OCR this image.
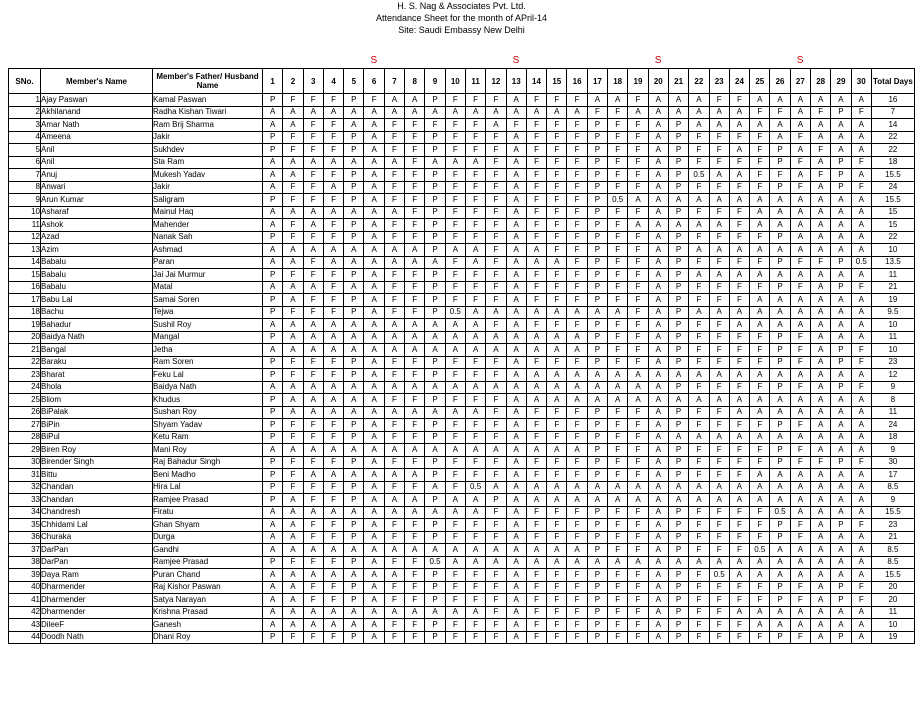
H. S. Nag & Associates Pvt. Ltd.
Attendance Sheet for the month of APril-14
Site: Saudi Embassy New Delhi
S	S	S	S
SNo.	Member's Name	Member's Father/ Husband Name	1	2	3	4	5	6	7	8	9	10	11	12	13	14	15	16	17	18	19	20	21	22	23	24	25	26	27	28	29	30	Total Days
1	Ajay Paswan	Kamal Paswan	P	F	F	F	P	F	A	A	P	F	F	F	A	F	F	F	A	A	F	A	A	A	F	F	A	A	A	A	A	A	16
2	Akhilanand	Radha Kishan Tiwari	A	A	A	A	A	A	A	A	A	A	A	A	A	A	A	A	F	F	A	A	A	A	A	A	F	F	A	F	P	F	7
3	Amar Nath	Ram Brij Sharma	A	A	F	F	A	A	F	F	F	F	F	A	F	F	F	F	P	F	F	A	P	A	A	A	A	A	A	A	A	A	14
4	Ameena	Jakir	P	F	F	F	P	A	F	F	P	F	F	F	A	F	F	F	P	F	F	A	P	F	F	F	F	A	F	A	A	A	22
5	Anil	Sukhdev	P	F	F	F	P	A	F	F	P	F	F	F	A	F	F	F	P	F	F	A	P	F	F	A	F	P	A	F	A	A	22
6	Anil	Sta Ram	A	A	A	A	A	A	A	F	A	A	A	F	A	F	F	F	P	F	F	A	P	F	F	F	F	P	F	A	P	F	18
7	Anuj	Mukesh Yadav	A	A	F	F	P	A	F	F	P	F	F	F	A	F	F	F	P	F	F	A	P	0.5	A	A	F	F	A	F	P	A	15.5
8	Anwari	Jakir	A	F	F	A	P	A	F	F	P	F	F	F	A	F	F	F	P	F	F	A	P	F	F	F	F	P	F	A	P	F	24
9	Arun Kumar	Saligram	P	F	F	F	P	A	F	F	P	F	F	F	A	F	F	F	P	0.5	A	A	A	A	A	A	A	A	A	A	A	A	15.5
10	Asharaf	Mainul Haq	A	A	A	A	A	A	A	F	P	F	F	F	A	F	F	F	P	F	F	A	P	F	F	F	A	A	A	A	A	A	15
11	Ashok	Mahender	A	F	A	F	P	A	F	F	P	F	F	F	A	F	F	F	P	F	A	A	A	A	A	F	A	A	A	A	A	A	15
12	Azad	Nanak Sah	P	F	F	F	P	A	F	F	P	F	F	F	A	F	F	F	P	F	F	A	P	F	F	F	F	P	A	A	A	A	22
13	Azim	Ashmad	A	A	A	A	A	A	A	A	P	A	A	F	A	A	F	F	P	F	F	A	P	A	A	A	A	A	A	A	A	A	10
14	Babalu	Paran	A	A	F	A	A	A	A	A	A	F	A	F	A	A	A	F	P	F	F	A	P	F	F	F	F	P	F	F	P	0.5	13.5
15	Babalu	Jai Jai Murmur	P	F	F	F	P	A	F	F	P	F	F	F	A	F	F	F	P	F	F	A	P	A	A	A	A	A	A	A	A	A	11
16	Babalu	Matal	A	A	A	F	A	A	F	F	P	F	F	F	A	F	F	F	P	F	F	A	P	F	F	F	F	P	F	A	P	F	21
17	Babu Lal	Samai Soren	P	A	F	F	P	A	F	F	P	F	F	F	A	F	F	F	P	F	F	A	P	F	F	F	A	A	A	A	A	A	19
18	Bachu	Tejwa	P	F	F	F	P	A	F	F	P	0.5	A	A	A	A	A	A	A	A	F	A	P	A	A	A	A	A	A	A	A	A	9.5
19	Bahadur	Sushil Roy	A	A	A	A	A	A	A	A	A	A	A	F	A	F	F	F	P	F	F	A	P	F	F	A	A	A	A	A	A	A	10
20	Baidya Nath	Mangal	P	A	A	A	A	A	A	A	A	A	A	A	A	A	A	A	P	F	F	A	P	F	F	F	F	P	F	A	A	A	11
21	Bangal	Jetha	A	A	A	A	A	A	A	A	A	A	A	A	A	A	A	A	P	F	F	A	P	F	F	F	F	P	F	A	P	F	10
22	Baraku	Ram Soren	P	F	F	F	P	A	F	F	P	F	F	F	A	F	F	F	P	F	F	A	P	F	F	F	F	P	F	A	P	F	23
23	Bharat	Feku Lal	P	F	F	F	P	A	F	F	P	F	F	F	A	A	A	A	A	A	A	A	A	A	A	A	A	A	A	A	A	A	12
24	Bhola	Baidya Nath	A	A	A	A	A	A	A	A	A	A	A	A	A	A	A	A	A	A	A	A	P	F	F	F	F	P	F	A	P	F	9
25	Bliom	Khudus	P	A	A	A	A	A	F	F	P	F	F	F	A	A	A	A	A	A	A	A	A	A	A	A	A	A	A	A	A	A	8
26	BiPalak	Sushan Roy	P	A	A	A	A	A	A	A	A	A	A	F	A	F	F	F	P	F	F	A	P	F	F	A	A	A	A	A	A	A	11
27	BiPin	Shyam Yadav	P	F	F	F	P	A	F	F	P	F	F	F	A	F	F	F	P	F	F	A	P	F	F	F	F	P	F	A	A	A	24
28	BiPul	Ketu Ram	P	F	F	F	P	A	F	F	P	F	F	F	A	F	F	F	P	F	F	A	A	A	A	A	A	A	A	A	A	A	18
29	Biren Roy	Mani Roy	A	A	A	A	A	A	A	A	A	A	A	A	A	A	A	A	P	F	F	A	P	F	F	F	F	P	F	A	A	A	9
30	Birender Singh	Raj Bahadur Singh	P	F	F	F	P	A	F	F	P	F	F	F	A	F	F	F	P	F	F	A	P	F	F	F	F	P	F	F	P	F	30
31	Bittu	Beni Madho	P	F	A	A	A	A	A	A	P	F	F	F	A	F	F	F	P	F	F	A	P	F	F	F	A	A	A	A	A	A	17
32	Chandan	Hira Lal	P	F	F	F	P	A	F	F	A	F	0.5	A	A	A	A	A	A	A	A	A	A	A	A	A	A	A	A	A	A	A	8.5
33	Chandan	Ramjee Prasad	P	A	F	F	P	A	A	A	P	A	A	P	A	A	A	A	A	A	A	A	A	A	A	A	A	A	A	A	A	A	9
34	Chandresh	Firatu	A	A	A	A	A	A	A	A	A	A	A	F	A	F	F	F	P	F	F	A	P	F	F	F	F	0.5	A	A	A	A	15.5
35	Chhidami Lal	Ghan Shyam	A	A	F	F	P	A	F	F	P	F	F	F	A	F	F	F	P	F	F	A	P	F	F	F	F	P	F	A	P	F	23
36	Churaka	Durga	A	A	F	F	P	A	F	F	P	F	F	F	A	F	F	F	P	F	F	A	P	F	F	F	F	P	F	A	A	A	21
37	DarPan	Gandhi	A	A	A	A	A	A	A	A	A	A	A	A	A	A	A	A	P	F	F	A	P	F	F	F	0.5	A	A	A	A	A	8.5
38	DarPan	Ramjee Prasad	P	F	F	F	P	A	F	F	0.5	A	A	A	A	A	A	A	A	A	A	A	A	A	A	A	A	A	A	A	A	A	8.5
39	Daya Ram	Puran Chand	A	A	A	A	A	A	A	F	P	F	F	F	A	F	F	F	P	F	F	A	P	F	0.5	A	A	A	A	A	A	A	15.5
40	Dharmender	Raj Kishor Paswan	A	A	F	F	P	A	F	F	P	F	F	F	A	F	F	F	P	F	F	A	P	F	F	F	F	P	F	A	P	F	20
41	Dharmender	Satya Narayan	A	A	F	F	P	A	F	F	P	F	F	F	A	F	F	F	P	F	F	A	P	F	F	F	F	P	F	A	P	F	20
42	Dharmender	Krishna Prasad	A	A	A	A	A	A	A	A	A	A	A	F	A	F	F	F	P	F	F	A	P	F	F	A	A	A	A	A	A	A	11
43	DileeF	Ganesh	A	A	A	A	A	A	F	F	P	F	F	F	A	F	F	F	P	F	F	A	P	F	F	F	A	A	A	A	A	A	10
44	Doodh Nath	Dhani Roy	P	F	F	F	P	A	F	F	P	F	F	F	A	F	F	F	P	F	F	A	P	F	F	F	F	P	F	A	P	A	19
